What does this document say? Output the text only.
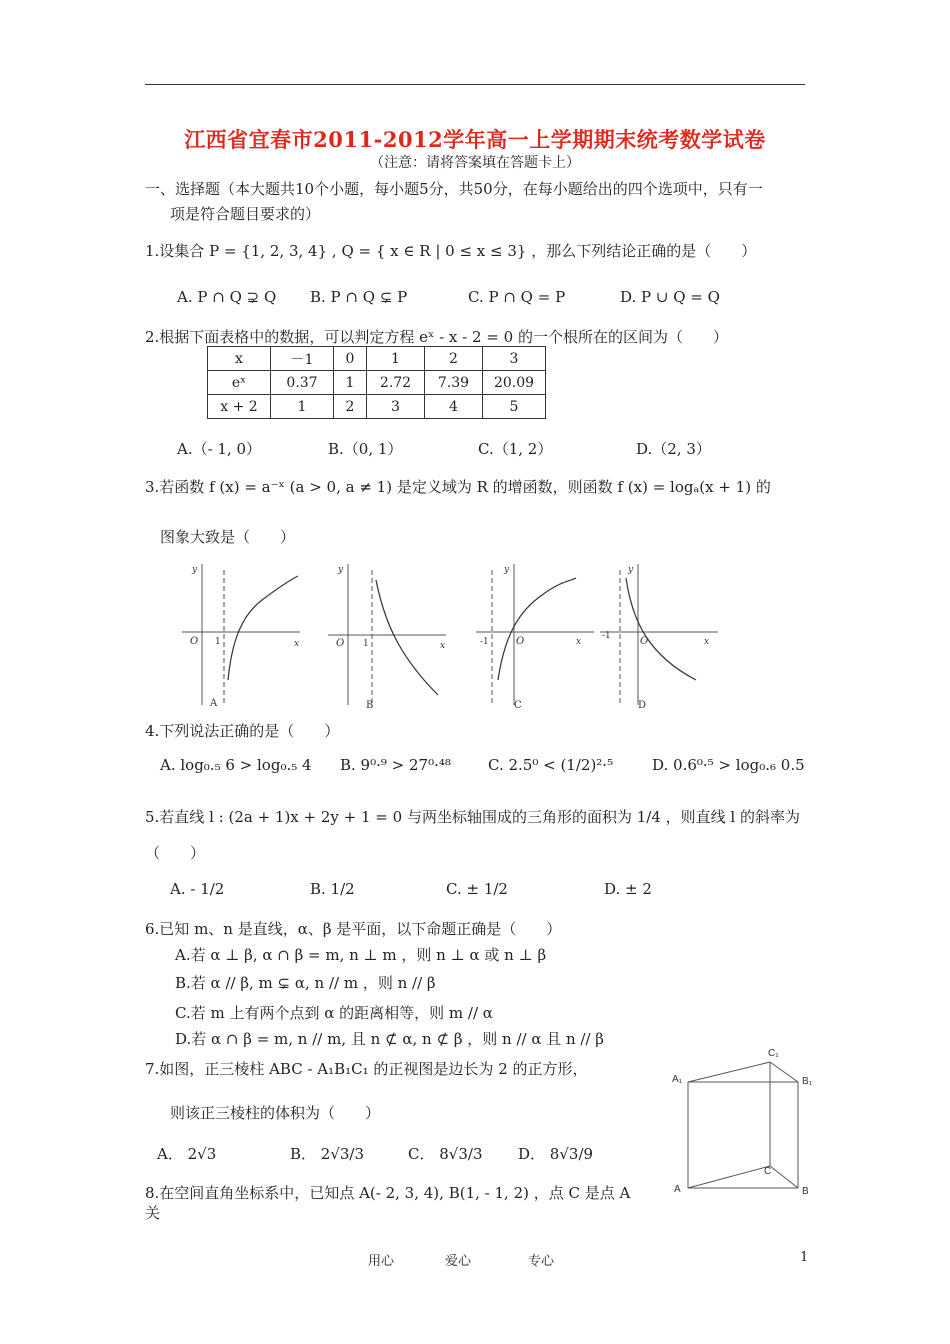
江西省宜春市2011-2012学年高一上学期期末统考数学试卷
（注意：请将答案填在答题卡上）
一、选择题（本大题共10个小题，每小题5分，共50分，在每小题给出的四个选项中，只有一
项是符合题目要求的）
1.设集合 P = {1, 2, 3, 4} , Q = { x ∈ R | 0 ≤ x ≤ 3} ，那么下列结论正确的是（　　）
A. P ∩ Q ⊋ Q B. P ∩ Q ⊊ P	C. P ∩ Q = P	D. P ∪ Q = Q
2.根据下面表格中的数据，可以判定方程 eˣ - x - 2 = 0 的一个根所在的区间为（　　）
x	－1	0	1	2	3
eˣ	0.37	1	2.72	7.39	20.09
x + 2	1	2	3	4	5
A.（- 1, 0）	B.（0, 1）	C.（1, 2）	D.（2, 3）
3.若函数 f (x) = a⁻ˣ (a > 0, a ≠ 1) 是定义域为 R 的增函数，则函数 f (x) = logₐ(x + 1) 的
图象大致是（　　）
y
x
O 1
A
y
x
O 1
B
y
x
O
-1
C
y
x
O
-1
D
4.下列说法正确的是（　　）
A. log₀.₅ 6 > log₀.₅ 4 B. 9⁰·⁹ > 27⁰·⁴⁸ C. 2.5⁰ < (1/2)²·⁵	D. 0.6⁰·⁵ > log₀.₆ 0.5
5.若直线 l : (2a + 1)x + 2y + 1 = 0 与两坐标轴围成的三角形的面积为 1/4 ，则直线 l 的斜率为
（　　）
A. - 1/2	B. 1/2	C. ± 1/2	D. ± 2
6.已知 m、n 是直线，α、β 是平面，以下命题正确是（　　）
A.若 α ⊥ β, α ∩ β = m, n ⊥ m ，则 n ⊥ α 或 n ⊥ β
B.若 α // β, m ⊊ α, n // m ，则 n // β
C.若 m 上有两个点到 α 的距离相等，则 m // α
D.若 α ∩ β = m, n // m, 且 n ⊄ α, n ⊄ β ，则 n // α 且 n // β
7.如图，正三棱柱 ABC - A₁B₁C₁ 的正视图是边长为 2 的正方形，
则该正三棱柱的体积为（　　）
A． 2√3	B． 2√3/3	C． 8√3/3 D． 8√3/9
C₁
A₁	B₁
C
A	B
8.在空间直角坐标系中，已知点 A(- 2, 3, 4), B(1, - 1, 2) ，点 C 是点 A
关
用心	爱心	专心	1
